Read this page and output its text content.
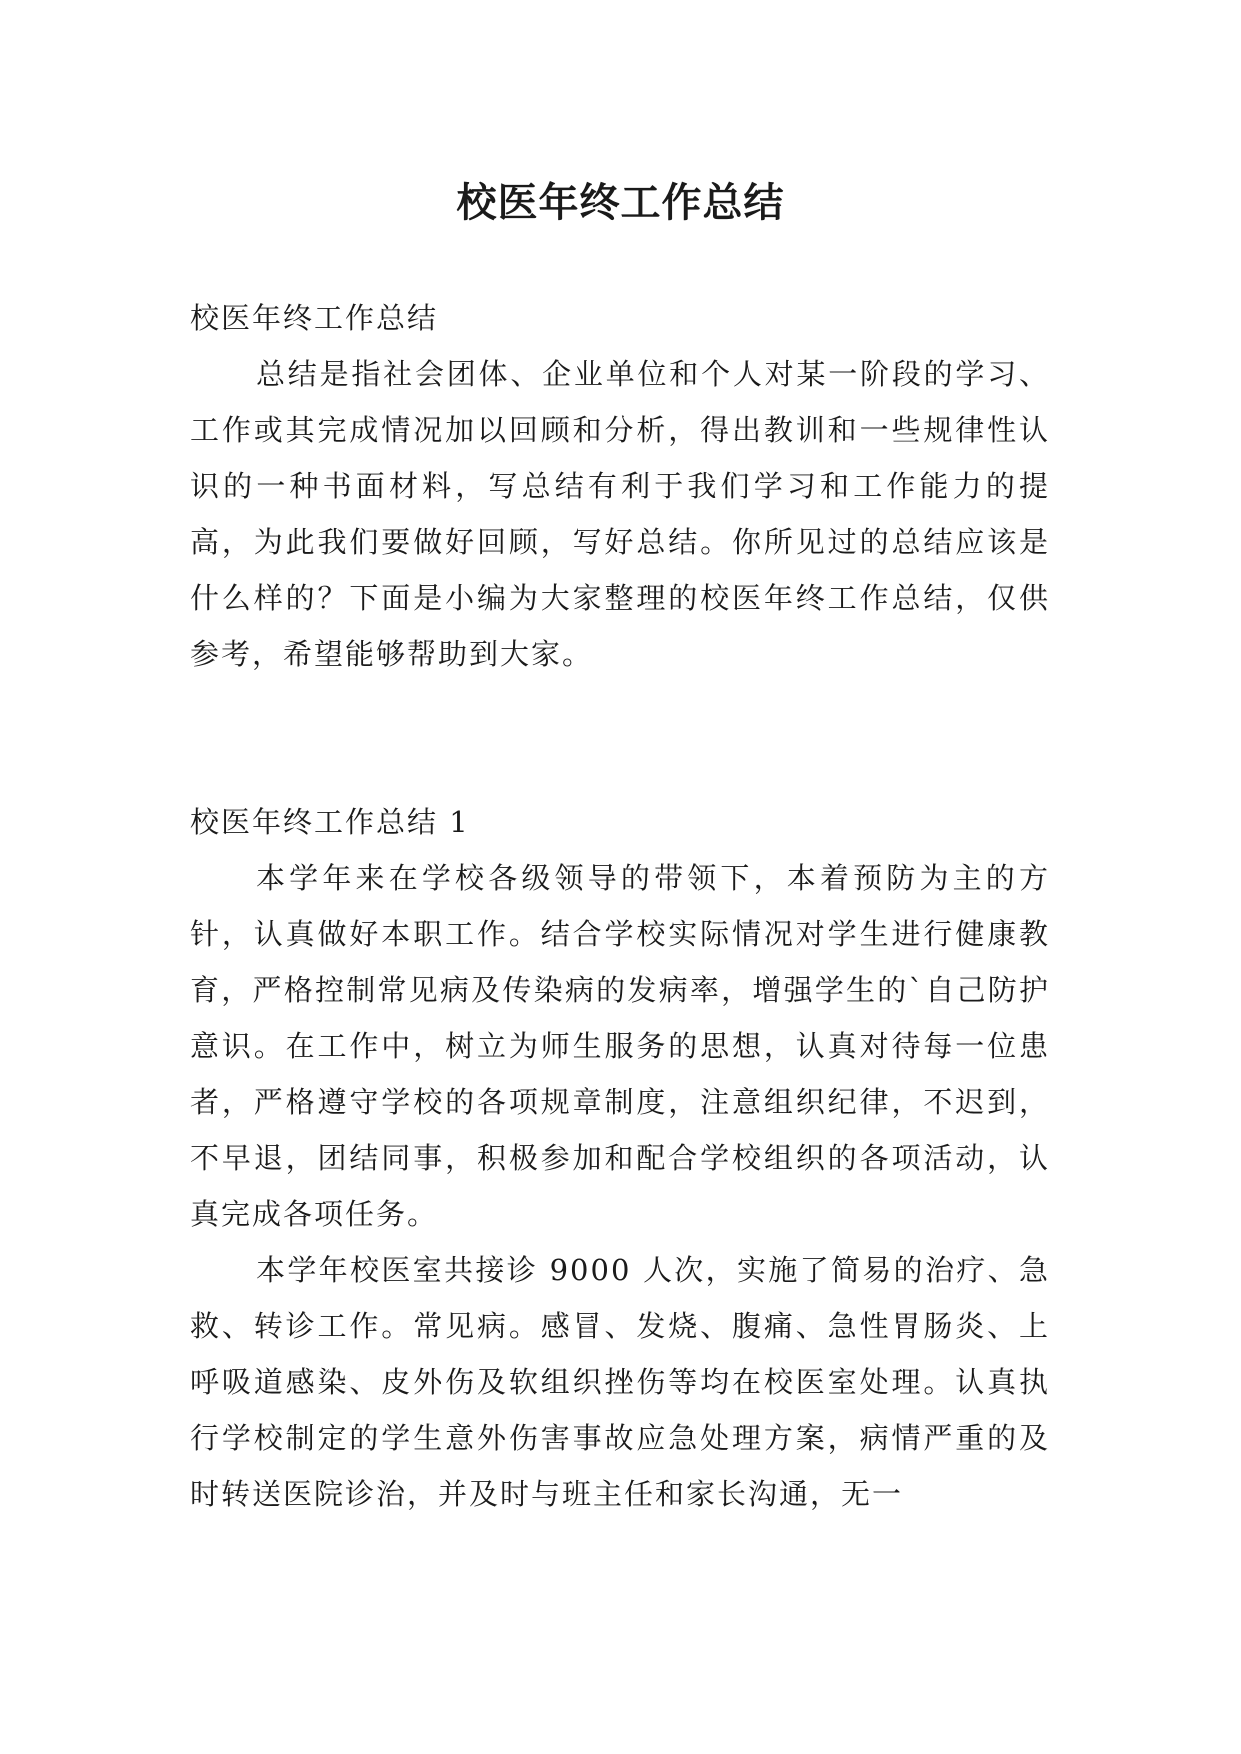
校医年终工作总结

校医年终工作总结

总结是指社会团体、企业单位和个人对某一阶段的学习、工作或其完成情况加以回顾和分析，得出教训和一些规律性认识的一种书面材料，写总结有利于我们学习和工作能力的提高，为此我们要做好回顾，写好总结。你所见过的总结应该是什么样的？下面是小编为大家整理的校医年终工作总结，仅供参考，希望能够帮助到大家。

校医年终工作总结 1

本学年来在学校各级领导的带领下，本着预防为主的方针，认真做好本职工作。结合学校实际情况对学生进行健康教育，严格控制常见病及传染病的发病率，增强学生的`自己防护意识。在工作中，树立为师生服务的思想，认真对待每一位患者，严格遵守学校的各项规章制度，注意组织纪律，不迟到，不早退，团结同事，积极参加和配合学校组织的各项活动，认真完成各项任务。

本学年校医室共接诊 9000 人次，实施了简易的治疗、急救、转诊工作。常见病。感冒、发烧、腹痛、急性胃肠炎、上呼吸道感染、皮外伤及软组织挫伤等均在校医室处理。认真执行学校制定的学生意外伤害事故应急处理方案，病情严重的及时转送医院诊治，并及时与班主任和家长沟通，无一
